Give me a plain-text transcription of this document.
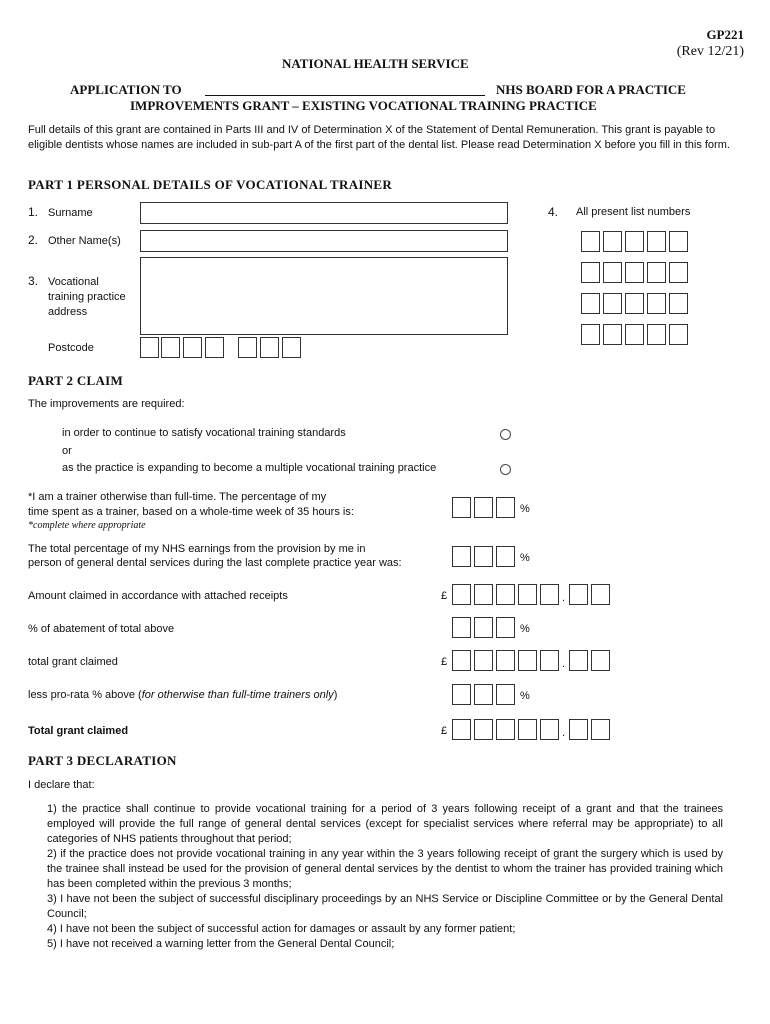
GP221
(Rev 12/21)
NATIONAL HEALTH SERVICE
APPLICATION TO	NHS BOARD FOR A PRACTICE
IMPROVEMENTS GRANT – EXISTING VOCATIONAL TRAINING PRACTICE
Full details of this grant are contained in Parts III and IV of Determination X of the Statement of Dental Remuneration. This grant is payable to eligible dentists whose names are included in sub-part A of the first part of the dental list. Please read Determination X before you fill in this form.
PART 1 PERSONAL DETAILS OF VOCATIONAL TRAINER
1. Surname
2. Other Name(s)
3. Vocational
training practice
address
Postcode
4. All present list numbers
PART 2 CLAIM
The improvements are required:
in order to continue to satisfy vocational training standards
or
as the practice is expanding to become a multiple vocational training practice
*I am a trainer otherwise than full-time. The percentage of my
time spent as a trainer, based on a whole-time week of 35 hours is:
*complete where appropriate
%
The total percentage of my NHS earnings from the provision by me in
person of general dental services during the last complete practice year was:	%
Amount claimed in accordance with attached receipts	£	.
% of abatement of total above	%
total grant claimed	£	.
less pro-rata % above (for otherwise than full-time trainers only)	%
Total grant claimed	£	.
PART 3 DECLARATION
I declare that:
1) the practice shall continue to provide vocational training for a period of 3 years following receipt of a grant and that the trainees employed will provide the full range of general dental services (except for specialist services where referral may be appropriate) to all categories of NHS patients throughout that period;
2) if the practice does not provide vocational training in any year within the 3 years following receipt of grant the surgery which is used by the trainee shall instead be used for the provision of general dental services by the dentist to whom the trainer has provided training which has been completed within the previous 3 months;
3) I have not been the subject of successful disciplinary proceedings by an NHS Service or Discipline Committee or by the General Dental Council;
4) I have not been the subject of successful action for damages or assault by any former patient;
5) I have not received a warning letter from the General Dental Council;
